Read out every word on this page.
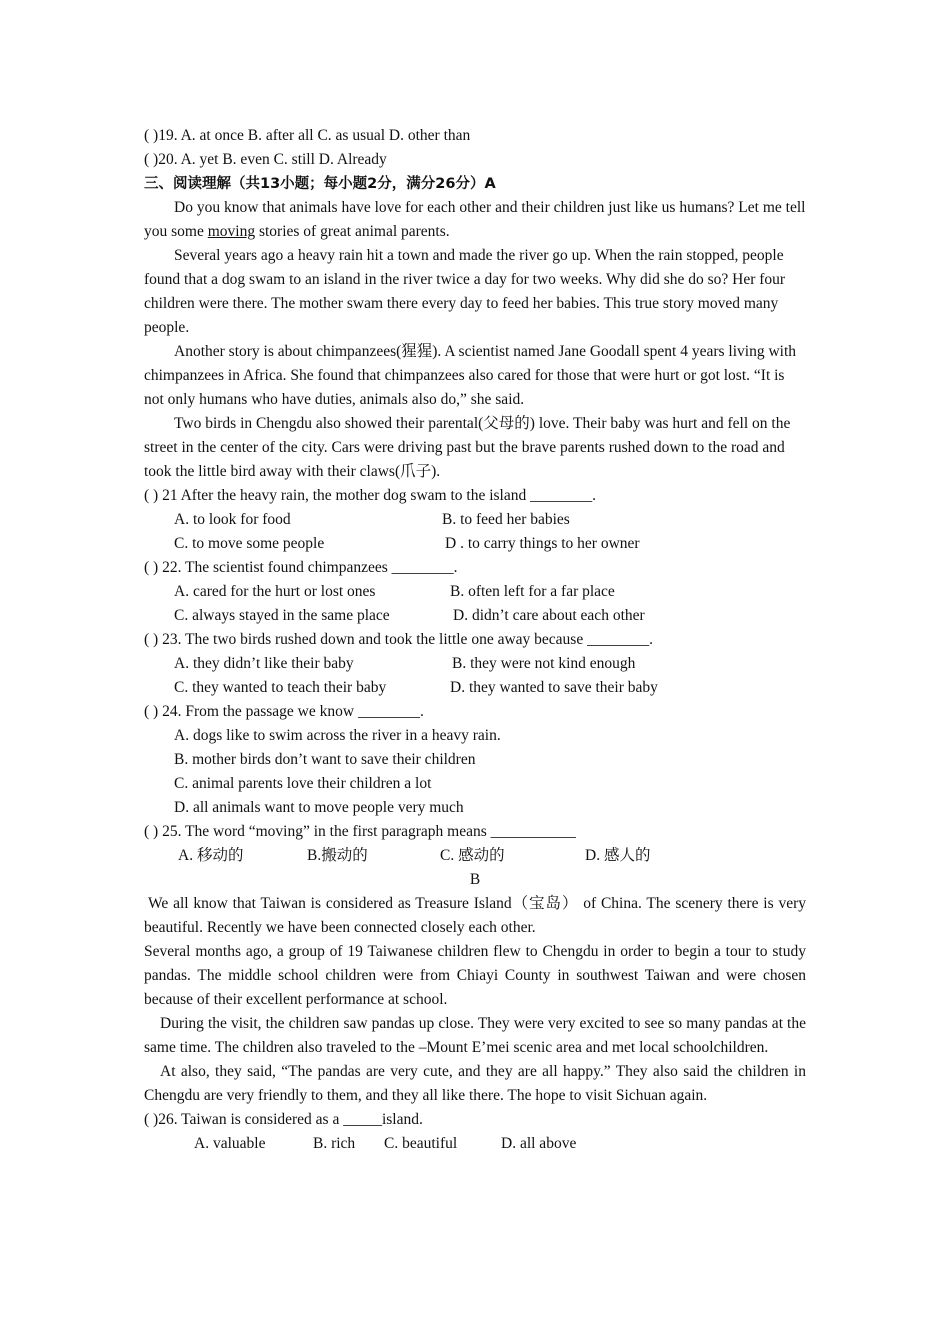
( )19. A. at once B. after all C. as usual D. other than
( )20. A. yet B. even C. still D. Already
三、阅读理解（共13小题；每小题2分，满分26分）A

Do you know that animals have love for each other and their children just like us humans? Let me tell you some moving stories of great animal parents.

Several years ago a heavy rain hit a town and made the river go up. When the rain stopped, people found that a dog swam to an island in the river twice a day for two weeks. Why did she do so? Her four children were there. The mother swam there every day to feed her babies. This true story moved many people.

Another story is about chimpanzees(猩猩). A scientist named Jane Goodall spent 4 years living with chimpanzees in Africa. She found that chimpanzees also cared for those that were hurt or got lost. “It is not only humans who have duties, animals also do,” she said.

Two birds in Chengdu also showed their parental(父母的) love. Their baby was hurt and fell on the street in the center of the city. Cars were driving past but the brave parents rushed down to the road and took the little bird away with their claws(爪子).

( ) 21 After the heavy rain, the mother dog swam to the island ________.
A. to look for food	B. to feed her babies
C. to move some people	D . to carry things to her owner
( ) 22. The scientist found chimpanzees ________.
A. cared for the hurt or lost ones	B. often left for a far place
C. always stayed in the same place	D. didn’t care about each other
( ) 23. The two birds rushed down and took the little one away because ________.
A. they didn’t like their baby	B. they were not kind enough
C. they wanted to teach their baby	D. they wanted to save their baby
( ) 24. From the passage we know ________.
A. dogs like to swim across the river in a heavy rain.
B. mother birds don’t want to save their children
C. animal parents love their children a lot
D. all animals want to move people very much
( ) 25. The word “moving” in the first paragraph means ___________
A. 移动的	B.搬动的	C. 感动的	D. 感人的
B

We all know that Taiwan is considered as Treasure Island（宝岛） of China. The scenery there is very beautiful. Recently we have been connected closely each other.

Several months ago, a group of 19 Taiwanese children flew to Chengdu in order to begin a tour to study pandas. The middle school children were from Chiayi County in southwest Taiwan and were chosen because of their excellent performance at school.

During the visit, the children saw pandas up close. They were very excited to see so many pandas at the same time. The children also traveled to the –Mount E’mei scenic area and met local schoolchildren.

At also, they said, “The pandas are very cute, and they are all happy.” They also said the children in Chengdu are very friendly to them, and they all like there. The hope to visit Sichuan again.

( )26. Taiwan is considered as a _____island.
A. valuable	B. rich	C. beautiful	D. all above
